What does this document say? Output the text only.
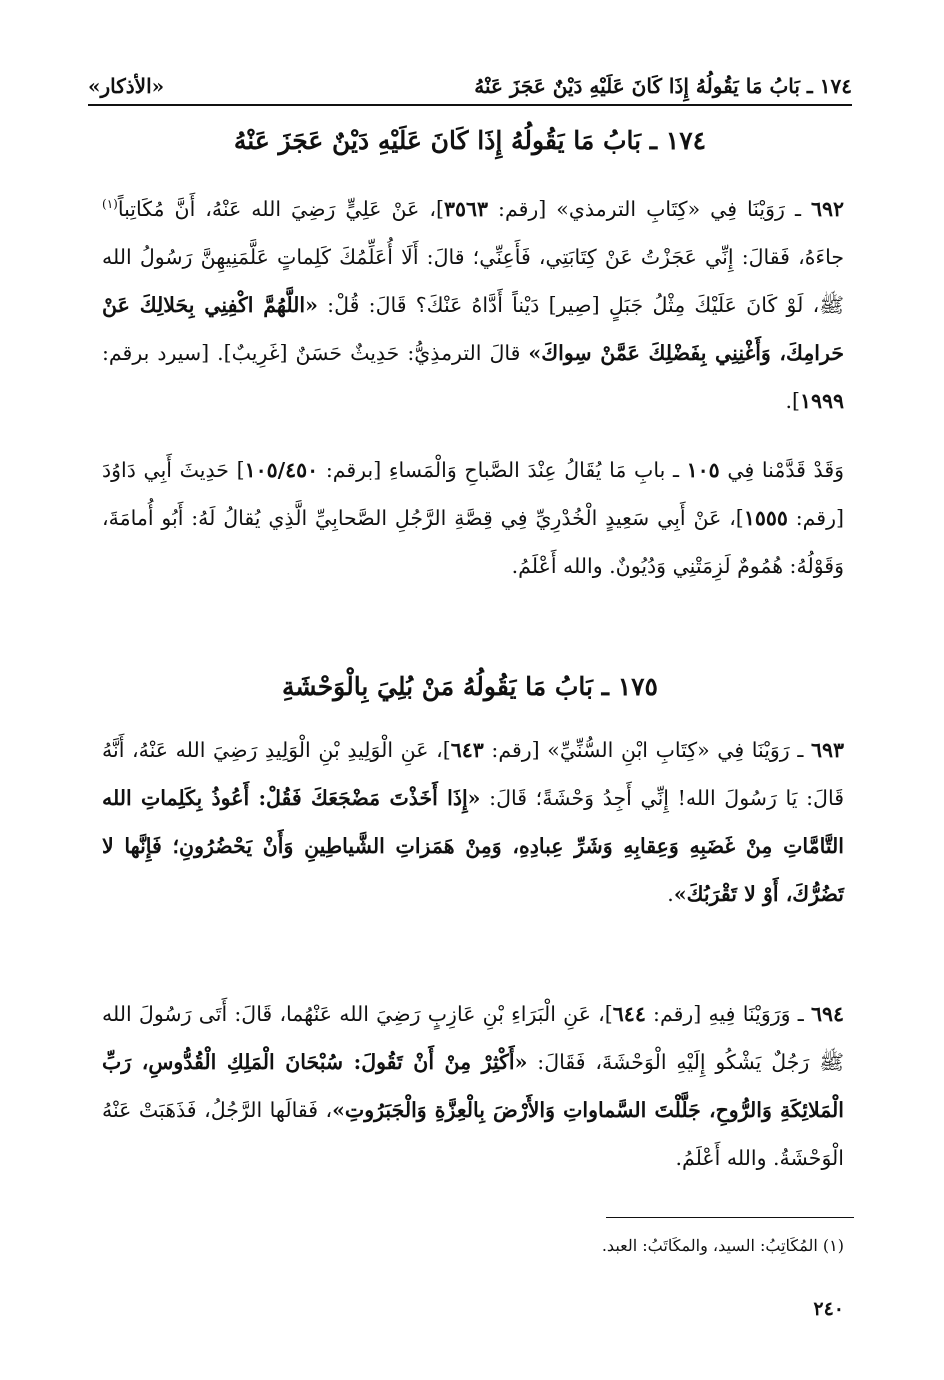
١٧٤ ـ بَابُ مَا يَقُولُهُ إِذَا كَانَ عَلَيْهِ دَيْنٌ عَجَزَ عَنْهُ
«الأذكار»
١٧٤ ـ بَابُ مَا يَقُولُهُ إِذَا كَانَ عَلَيْهِ دَيْنٌ عَجَزَ عَنْهُ
٦٩٢ ـ رَوَيْنَا فِي «كِتَابِ الترمذي» [رقم: ٣٥٦٣]، عَنْ عَلِيٍّ رَضِيَ الله عَنْهُ، أَنَّ مُكَاتِباً$^{(١)}$ جاءَهُ، فَقالَ: إِنِّي عَجَزْتُ عَنْ كِتَابَتِي، فَأَعِنِّي؛ قالَ: أَلَا أُعَلِّمُكَ كَلِماتٍ عَلَّمَنِيهِنَّ رَسُولُ الله ﷺ، لَوْ كَانَ عَلَيْكَ مِثْلُ جَبَلٍ [صِير] دَيْناً أَدَّاهُ عَنْكَ؟ قَالَ: قُلْ: «اللَّهُمَّ اكْفِنِي بِحَلالِكَ عَنْ حَرامِكَ، وَأَغْنِنِي بِفَضْلِكَ عَمَّنْ سِواكَ» قالَ الترمذِيُّ: حَدِيثٌ حَسَنٌ [غَرِيبٌ]. [سيرد برقم: ١٩٩٩].
وَقَدْ قَدَّمْنا فِي ١٠٥ ـ بابِ مَا يُقَالُ عِنْدَ الصَّباحِ وَالْمَساءِ [برقم: ١٠٥/٤٥٠] حَدِيثَ أَبِي دَاوُدَ [رقم: ١٥٥٥]، عَنْ أَبِي سَعِيدٍ الْخُدْرِيِّ فِي قِصَّةِ الرَّجُلِ الصَّحابِيِّ الَّذِي يُقالُ لَهُ: أَبُو أُمامَةَ، وَقَوْلُهُ: هُمُومٌ لَزِمَتْنِي وَدُيُونٌ. والله أَعْلَمُ.
١٧٥ ـ بَابُ مَا يَقُولُهُ مَنْ بُلِيَ بِالْوَحْشَةِ
٦٩٣ ـ رَوَيْنَا فِي «كِتَابِ ابْنِ السُّنِّيِّ» [رقم: ٦٤٣]، عَنِ الْوَلِيدِ بْنِ الْوَلِيدِ رَضِيَ الله عَنْهُ، أَنَّهُ قَالَ: يَا رَسُولَ الله! إِنِّي أَجِدُ وَحْشَةً؛ قَالَ: «إِذَا أَخَذْتَ مَضْجَعَكَ فَقُلْ: أَعُوذُ بِكَلِماتِ الله التَّامَّاتِ مِنْ غَضَبِهِ وَعِقابِهِ وَشَرِّ عِبادِهِ، وَمِنْ هَمَزاتِ الشَّياطِينِ وَأَنْ يَحْضُرُونِ؛ فَإِنَّها لا تَضُرُّكَ، أَوْ لا تَقْرَبُكَ».
٦٩٤ ـ وَرَوَيْنَا فِيهِ [رقم: ٦٤٤]، عَنِ الْبَرَاءِ بْنِ عَازِبٍ رَضِيَ الله عَنْهُما، قَالَ: أَتَى رَسُولَ الله ﷺ رَجُلٌ يَشْكُو إِلَيْهِ الْوَحْشَةَ، فَقَالَ: «أَكْثِرْ مِنْ أَنْ تَقُولَ: سُبْحَانَ الْمَلِكِ الْقُدُّوسِ، رَبِّ الْمَلائِكَةِ وَالرُّوحِ، جَلَّلْتَ السَّماواتِ وَالأَرْضَ بِالْعِزَّةِ وَالْجَبَرُوتِ»، فَقالَها الرَّجُلُ، فَذَهَبَتْ عَنْهُ الْوَحْشَةُ. والله أَعْلَمُ.
(١) المُكَاتِبُ: السيد، والمكَاتَبُ: العبد.
٢٤٠
